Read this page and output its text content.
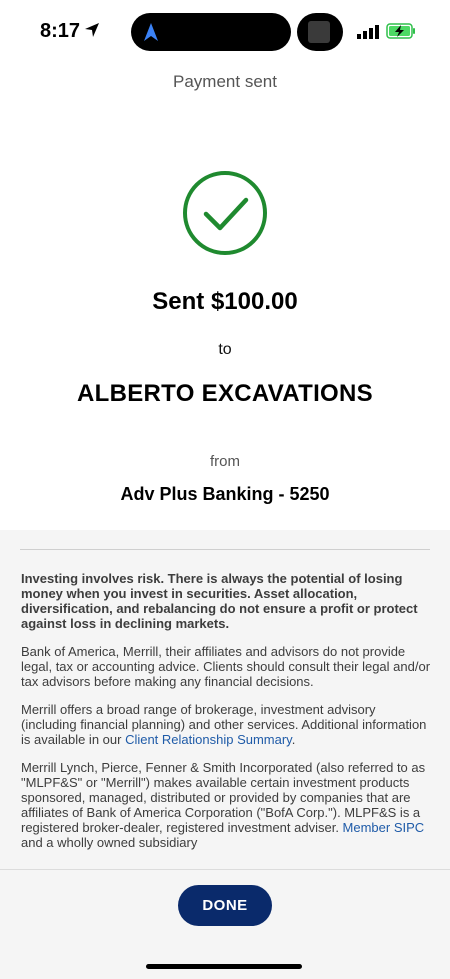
8:17
Payment sent
Sent $100.00
to
ALBERTO EXCAVATIONS
from
Adv Plus Banking - 5250

Investing involves risk. There is always the potential of losing money when you invest in securities. Asset allocation, diversification, and rebalancing do not ensure a profit or protect against loss in declining markets.

Bank of America, Merrill, their affiliates and advisors do not provide legal, tax or accounting advice. Clients should consult their legal and/or tax advisors before making any financial decisions.

Merrill offers a broad range of brokerage, investment advisory (including financial planning) and other services. Additional information is available in our Client Relationship Summary.

Merrill Lynch, Pierce, Fenner & Smith Incorporated (also referred to as "MLPF&S" or "Merrill") makes available certain investment products sponsored, managed, distributed or provided by companies that are affiliates of Bank of America Corporation ("BofA Corp."). MLPF&S is a registered broker-dealer, registered investment adviser. Member SIPC and a wholly owned subsidiary

DONE
